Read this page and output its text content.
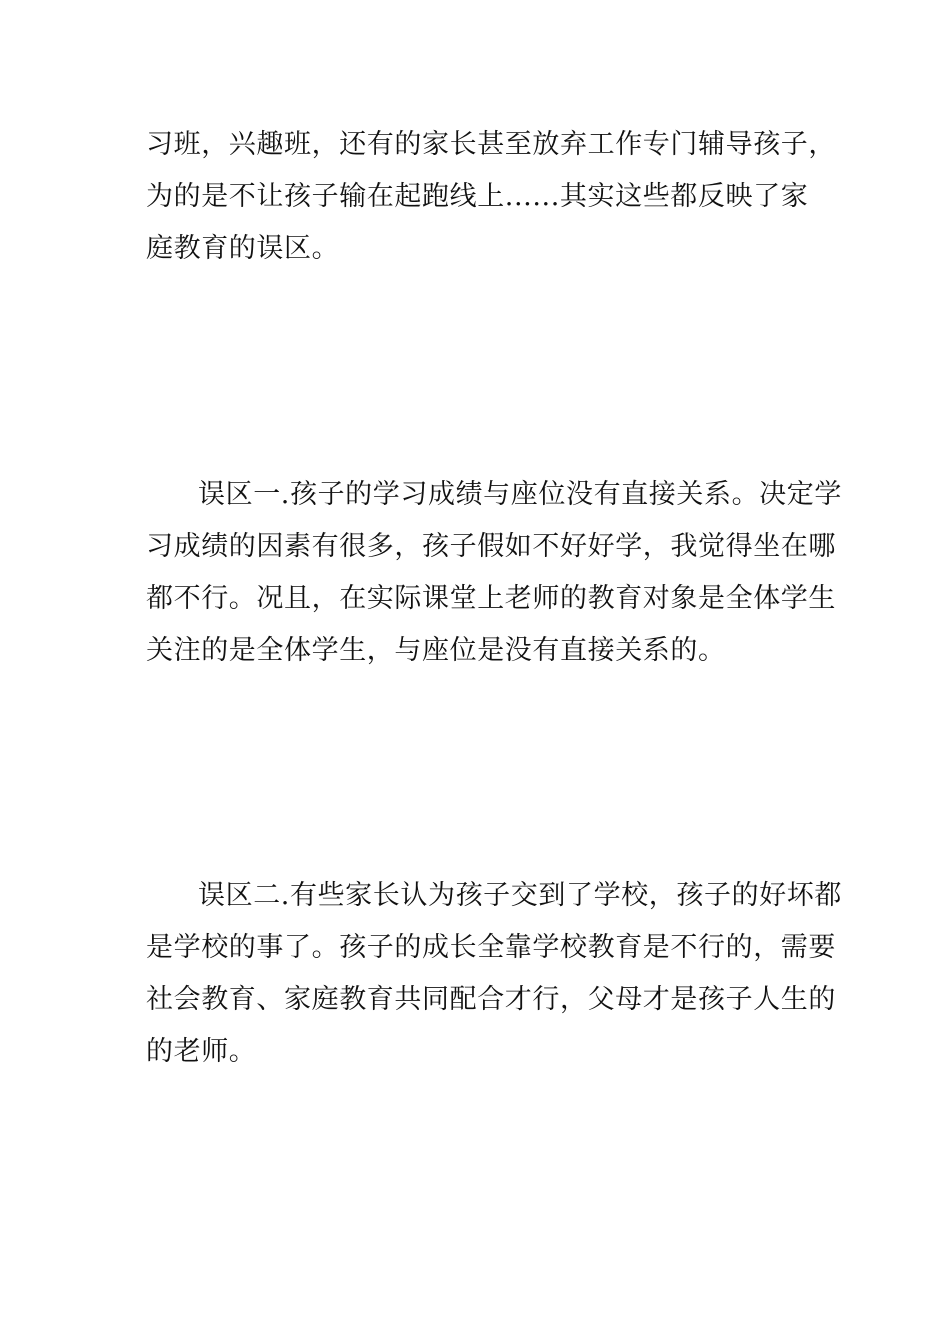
习班，兴趣班，还有的家长甚至放弃工作专门辅导孩子，
为的是不让孩子输在起跑线上......其实这些都反映了家
庭教育的误区。
误区一.孩子的学习成绩与座位没有直接关系。决定学
习成绩的因素有很多，孩子假如不好好学，我觉得坐在哪
都不行。况且，在实际课堂上老师的教育对象是全体学生
关注的是全体学生，与座位是没有直接关系的。
误区二.有些家长认为孩子交到了学校，孩子的好坏都
是学校的事了。孩子的成长全靠学校教育是不行的，需要
社会教育、家庭教育共同配合才行，父母才是孩子人生的
的老师。
